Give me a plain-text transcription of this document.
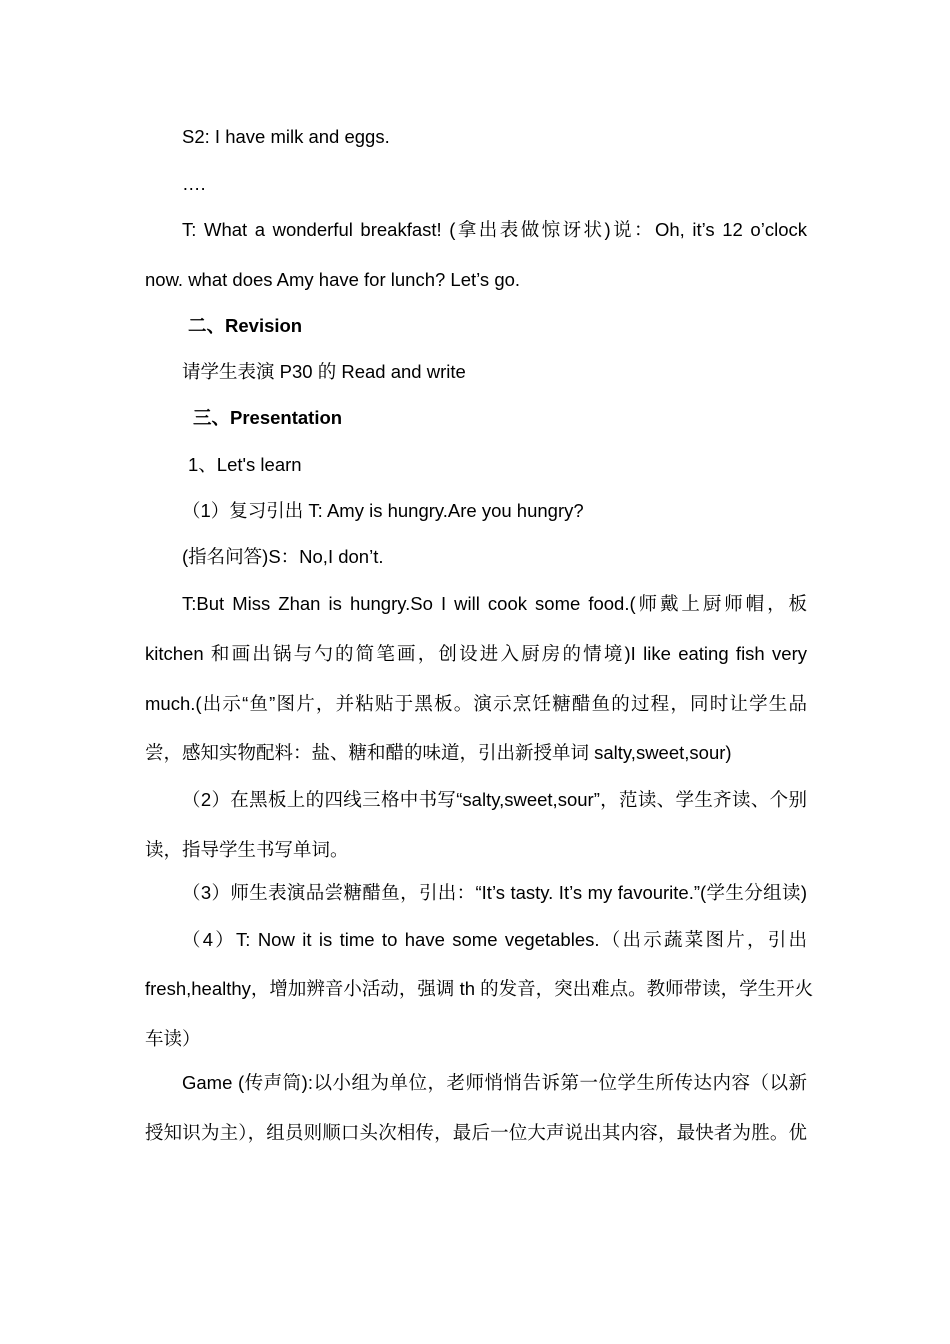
S2: I have milk and eggs.
….
T: What a wonderful breakfast! (拿出表做惊讶状)说：Oh, it’s 12 o’clock
now. what does Amy have for lunch? Let’s go.
二、Revision
请学生表演 P30 的 Read and write
三、Presentation
1、Let's learn
（1）复习引出 T: Amy is hungry.Are you hungry?
(指名问答)S：No,I don’t.
T:But Miss Zhan is hungry.So I will cook some food.(师戴上厨师帽，板
kitchen 和画出锅与勺的简笔画，创设进入厨房的情境)I like eating fish very
much.(出示“鱼”图片，并粘贴于黑板。演示烹饪糖醋鱼的过程，同时让学生品
尝，感知实物配料：盐、糖和醋的味道，引出新授单词 salty,sweet,sour)
（2）在黑板上的四线三格中书写“salty,sweet,sour”，范读、学生齐读、个别
读，指导学生书写单词。
（3）师生表演品尝糖醋鱼，引出：“It’s tasty. It’s my favourite.”(学生分组读)
（4）T: Now it is time to have some vegetables.（出示蔬菜图片，引出
fresh,healthy，增加辨音小活动，强调 th 的发音，突出难点。教师带读，学生开火
车读）
Game (传声筒):以小组为单位，老师悄悄告诉第一位学生所传达内容（以新
授知识为主），组员则顺口头次相传，最后一位大声说出其内容，最快者为胜。优
